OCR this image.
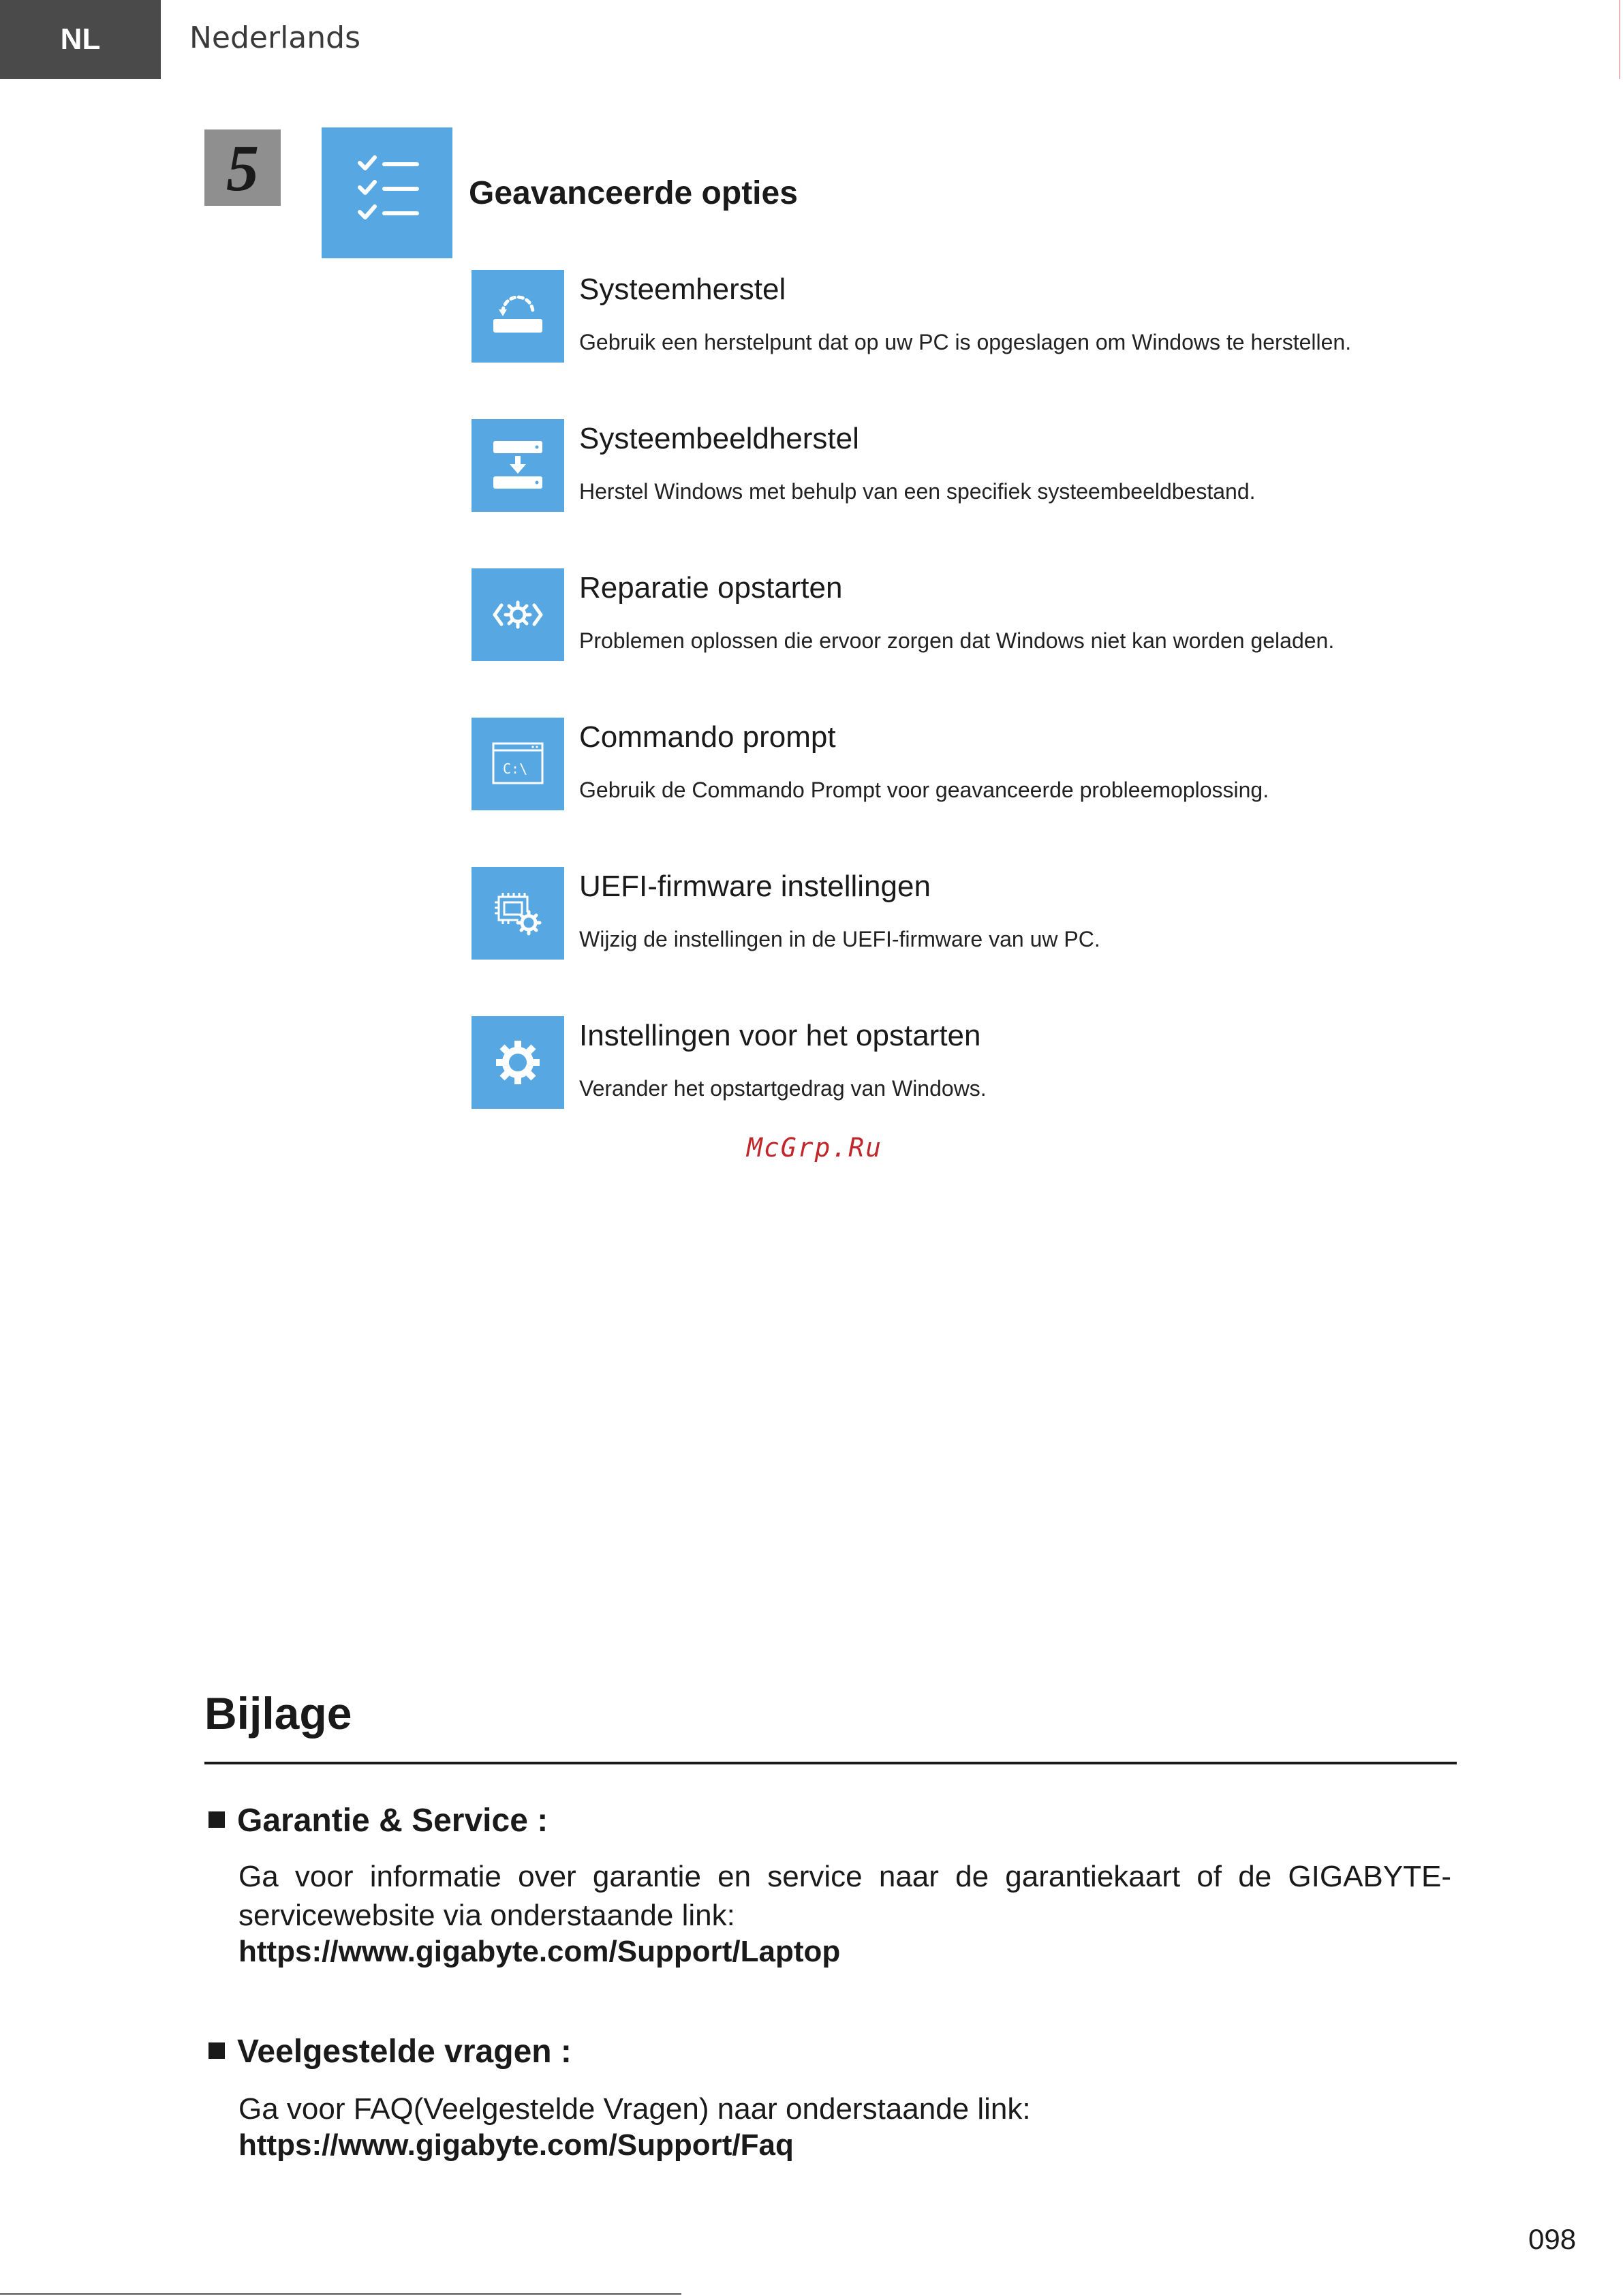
NL	Nederlands
5	Geavanceerde opties
Systeemherstel
Gebruik een herstelpunt dat op uw PC is opgeslagen om Windows te herstellen.
Systeembeeldherstel
Herstel Windows met behulp van een specifiek systeembeeldbestand.
Reparatie opstarten
Problemen oplossen die ervoor zorgen dat Windows niet kan worden geladen.
C:\
Commando prompt
Gebruik de Commando Prompt voor geavanceerde probleemoplossing.
UEFI-firmware instellingen
Wijzig de instellingen in de UEFI-firmware van uw PC.
Instellingen voor het opstarten
Verander het opstartgedrag van Windows.
McGrp.Ru
Bijlage
Garantie & Service :
Ga voor informatie over garantie en service naar de garantiekaart of de GIGABYTE-servicewebsite via onderstaande link:
https://www.gigabyte.com/Support/Laptop
Veelgestelde vragen :
Ga voor FAQ(Veelgestelde Vragen) naar onderstaande link:
https://www.gigabyte.com/Support/Faq
098
